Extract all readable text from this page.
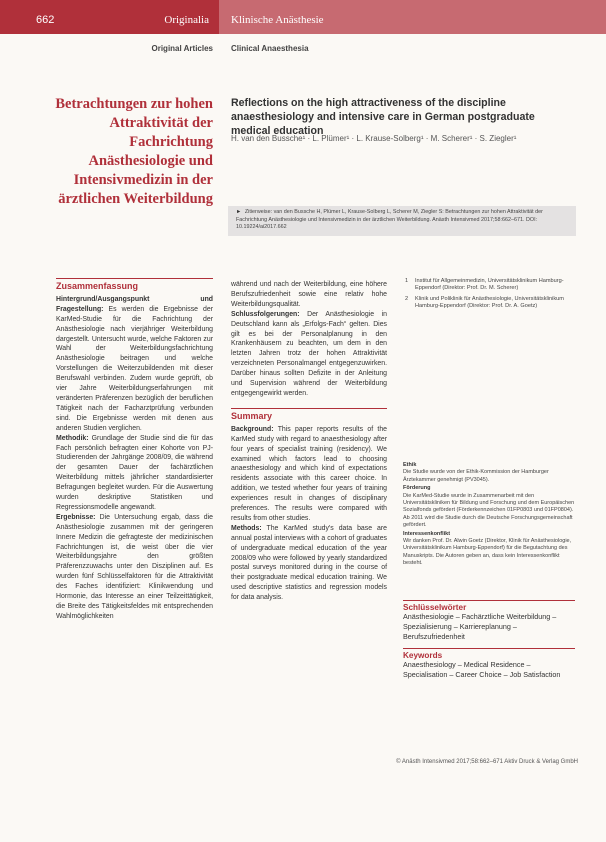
662	Originalia Klinische Anästhesie
Original Articles Clinical Anaesthesia
Betrachtungen zur hohen Attraktivität der Fachrichtung Anästhesiologie und Intensivmedizin in der ärztlichen Weiterbildung
Reflections on the high attractiveness of the discipline anaesthesiology and intensive care in German postgraduate medical education
H. van den Bussche¹ · L. Plümer¹ · L. Krause-Solberg¹ · M. Scherer¹ · S. Ziegler¹
► Zitierweise: van den Bussche H, Plümer L, Krause-Solberg L, Scherer M, Ziegler S: Betrachtungen zur hohen Attraktivität der Fachrichtung Anästhesiologie und Intensivmedizin in der ärztlichen Weiterbildung. Anästh Intensivmed 2017;58:662–671. DOI: 10.19224/ai2017.662
Zusammenfassung

Hintergrund/Ausgangspunkt und Fragestellung: Es werden die Ergebnisse der KarMed-Studie für die Fachrichtung der Anästhesiologie nach vierjähriger Weiterbildung dargestellt. Untersucht wurde, welche Faktoren zur Wahl der Weiterbildungsfachrichtung Anästhesiologie beitragen und welche Vorstellungen die Weiterzubildenden mit dieser Berufswahl verbinden. Zudem wurde geprüft, ob vier Jahre Weiterbildungserfahrungen mit veränderten Präferenzen bezüglich der beruflichen Tätigkeit nach der Facharztprüfung verbunden sind. Die Ergebnisse werden mit denen aus anderen Studien verglichen.

Methodik: Grundlage der Studie sind die für das Fach persönlich befragten einer Kohorte von PJ-Studierenden der Jahrgänge 2008/09, die während der gesamten Dauer der fachärztlichen Weiterbildung mittels jährlicher standardisierter Befragungen begleitet wurden. Für die Auswertung wurden deskriptive Statistiken und Regressionsmodelle angewandt.

Ergebnisse: Die Untersuchung ergab, dass die Anästhesiologie zusammen mit der geringeren Innere Medizin die gefragteste der medizinischen Fachrichtungen ist, die weist über die vier Weiterbildungsjahre den größten Präferenzzuwachs unter den Disziplinen auf. Es wurden fünf Schlüsselfaktoren für die Attraktivität des Faches identifiziert: Klinikwendung und Hormonie, das Interesse an einer Teilzeittätigkeit, die Breite des Tätigkeitsfeldes mit entsprechenden Wahlmöglichkeiten

während und nach der Weiterbildung, eine höhere Berufszufriedenheit sowie eine relativ hohe Weiterbildungsqualität.

Schlussfolgerungen: Der Anästhesiologie in Deutschland kann als „Erfolgs-Fach“ gelten. Dies gilt es bei der Personalplanung in den Krankenhäusern zu beachten, um dem in den letzten Jahren trotz der hohen Attraktivität verzeichneten Personalmangel entgegenzuwirken. Darüber hinaus sollten Defizite in der Anleitung und Supervision während der Weiterbildung entgegengewirkt werden.

Summary

Background: This paper reports results of the KarMed study with regard to anaesthesiology after four years of specialist training (residency). We examined which factors lead to choosing anaesthesiology and which kind of expectations residents associate with this career choice. In addition, we tested whether four years of training experiences result in changes of disciplinary preferences. The results were compared with results from other studies.

Methods: The KarMed study's data base are annual postal interviews with a cohort of graduates of undergraduate medical education of the year 2008/09 who were followed by yearly standardized postal surveys monitored during in the course of their postgraduate medical education training. We used descriptive statistics and regression models for data analysis.

1	Institut für Allgemeinmedizin, Universitätsklinikum Hamburg-Eppendorf (Direktor: Prof. Dr. M. Scherer)
2	Klinik und Poliklinik für Anästhesiologie, Universitätsklinikum Hamburg-Eppendorf (Direktor: Prof. Dr. A. Goetz)
Ethik

Die Studie wurde von der Ethik-Kommission der Hamburger Ärztekammer genehmigt (PV3045).

Förderung

Die KarMed-Studie wurde in Zusammenarbeit mit den Universitätskliniken für Bildung und Forschung und dem Europäischen Sozialfonds gefördert (Förderkennzeichen 01FP0803 und 01FP0804). Ab 2011 wird die Studie durch die Deutsche Forschungsgemeinschaft gefördert.

Interessenkonflikt

Wir danken Prof. Dr. Alwin Goetz (Direktor, Klinik für Anästhesiologie, Universitätsklinikum Hamburg-Eppendorf) für die Begutachtung des Manuskripts. Die Autoren geben an, dass kein Interessenkonflikt besteht.

Schlüsselwörter
Anästhesiologie – Fachärztliche Weiterbildung – Spezialisierung – Karriereplanung – Berufszufriedenheit
Keywords
Anaesthesiology – Medical Residence – Specialisation – Career Choice – Job Satisfaction
© Anästh Intensivmed 2017;58:662–671 Aktiv Druck & Verlag GmbH
